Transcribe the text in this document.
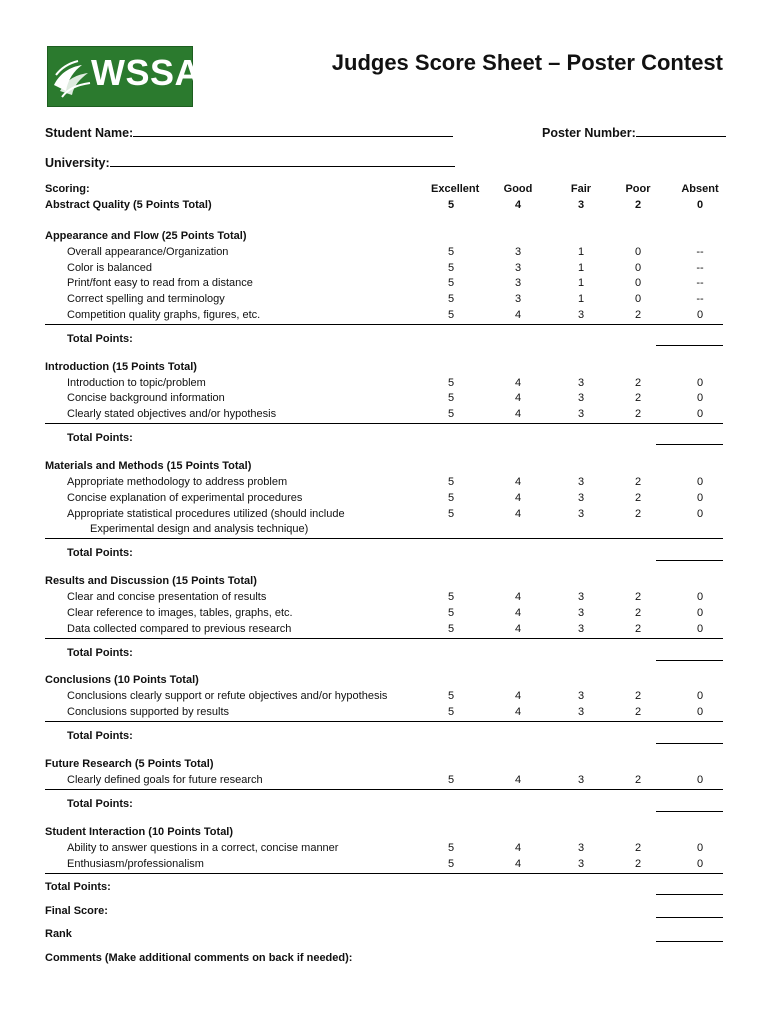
WSSA	Judges Score Sheet – Poster Contest
Student Name:	Poster Number:
University:
Scoring:	Excellent	Good	Fair	Poor	Absent
Abstract Quality (5 Points Total)	5	4	3	2	0
Appearance and Flow (25 Points Total)
Overall appearance/Organization	5	3	1	0	--
Color is balanced	5	3	1	0	--
Print/font easy to read from a distance	5	3	1	0	--
Correct spelling and terminology	5	3	1	0	--
Competition quality graphs, figures, etc.	5	4	3	2	0
Total Points:
Introduction (15 Points Total)
Introduction to topic/problem	5	4	3	2	0
Concise background information	5	4	3	2	0
Clearly stated objectives and/or hypothesis	5	4	3	2	0
Total Points:
Materials and Methods (15 Points Total)
Appropriate methodology to address problem	5	4	3	2	0
Concise explanation of experimental procedures	5	4	3	2	0
Appropriate statistical procedures utilized (should include	5	4	3	2	0
Experimental design and analysis technique)
Total Points:
Results and Discussion (15 Points Total)
Clear and concise presentation of results	5	4	3	2	0
Clear reference to images, tables, graphs, etc.	5	4	3	2	0
Data collected compared to previous research	5	4	3	2	0
Total Points:
Conclusions (10 Points Total)
Conclusions clearly support or refute objectives and/or hypothesis	5	4	3	2	0
Conclusions supported by results	5	4	3	2	0
Total Points:
Future Research (5 Points Total)
Clearly defined goals for future research	5	4	3	2	0
Total Points:
Student Interaction (10 Points Total)
Ability to answer questions in a correct, concise manner	5	4	3	2	0
Enthusiasm/professionalism	5	4	3	2	0
Total Points:
Final Score:
Rank
Comments (Make additional comments on back if needed):
